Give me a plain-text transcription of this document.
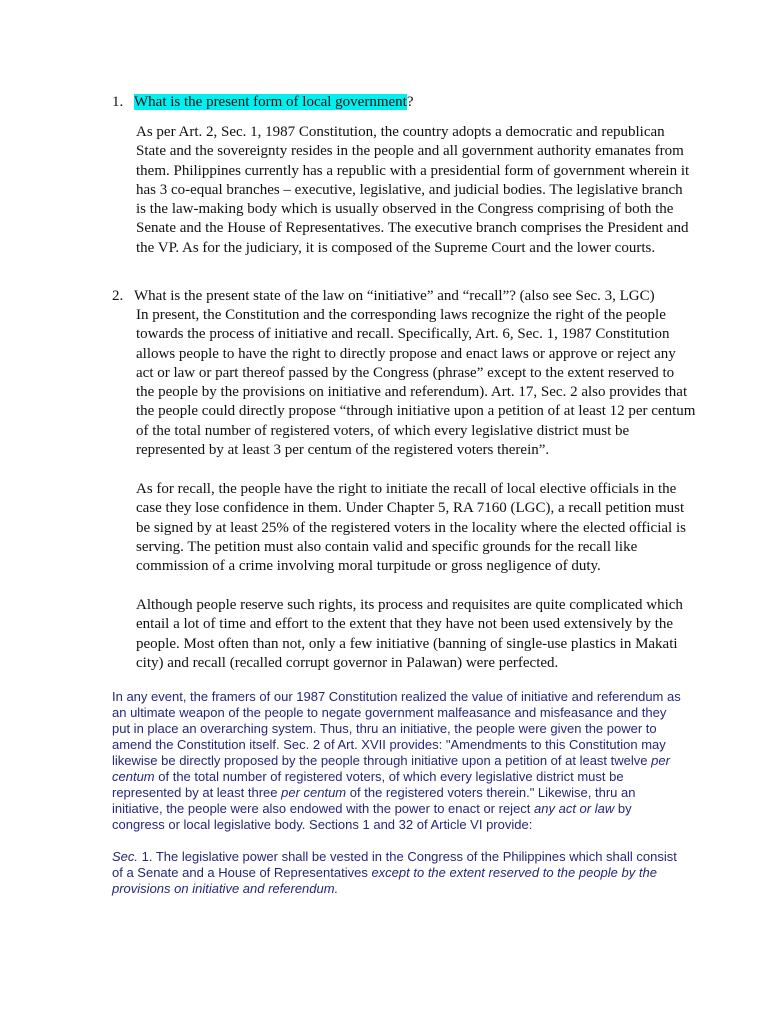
1. What is the present form of local government?
As per Art. 2, Sec. 1, 1987 Constitution, the country adopts a democratic and republican State and the sovereignty resides in the people and all government authority emanates from them. Philippines currently has a republic with a presidential form of government wherein it has 3 co-equal branches – executive, legislative, and judicial bodies. The legislative branch is the law-making body which is usually observed in the Congress comprising of both the Senate and the House of Representatives. The executive branch comprises the President and the VP. As for the judiciary, it is composed of the Supreme Court and the lower courts.
2. What is the present state of the law on “initiative” and “recall”? (also see Sec. 3, LGC)
In present, the Constitution and the corresponding laws recognize the right of the people towards the process of initiative and recall. Specifically, Art. 6, Sec. 1, 1987 Constitution allows people to have the right to directly propose and enact laws or approve or reject any act or law or part thereof passed by the Congress (phrase” except to the extent reserved to the people by the provisions on initiative and referendum). Art. 17, Sec. 2 also provides that the people could directly propose “through initiative upon a petition of at least 12 per centum of the total number of registered voters, of which every legislative district must be represented by at least 3 per centum of the registered voters therein”.
As for recall, the people have the right to initiate the recall of local elective officials in the case they lose confidence in them. Under Chapter 5, RA 7160 (LGC), a recall petition must be signed by at least 25% of the registered voters in the locality where the elected official is serving. The petition must also contain valid and specific grounds for the recall like commission of a crime involving moral turpitude or gross negligence of duty.
Although people reserve such rights, its process and requisites are quite complicated which entail a lot of time and effort to the extent that they have not been used extensively by the people. Most often than not, only a few initiative (banning of single-use plastics in Makati city) and recall (recalled corrupt governor in Palawan) were perfected.
In any event, the framers of our 1987 Constitution realized the value of initiative and referendum as an ultimate weapon of the people to negate government malfeasance and misfeasance and they put in place an overarching system. Thus, thru an initiative, the people were given the power to amend the Constitution itself. Sec. 2 of Art. XVII provides: "Amendments to this Constitution may likewise be directly proposed by the people through initiative upon a petition of at least twelve per centum of the total number of registered voters, of which every legislative district must be represented by at least three per centum of the registered voters therein." Likewise, thru an initiative, the people were also endowed with the power to enact or reject any act or law by congress or local legislative body. Sections 1 and 32 of Article VI provide:
Sec. 1. The legislative power shall be vested in the Congress of the Philippines which shall consist of a Senate and a House of Representatives except to the extent reserved to the people by the provisions on initiative and referendum.
